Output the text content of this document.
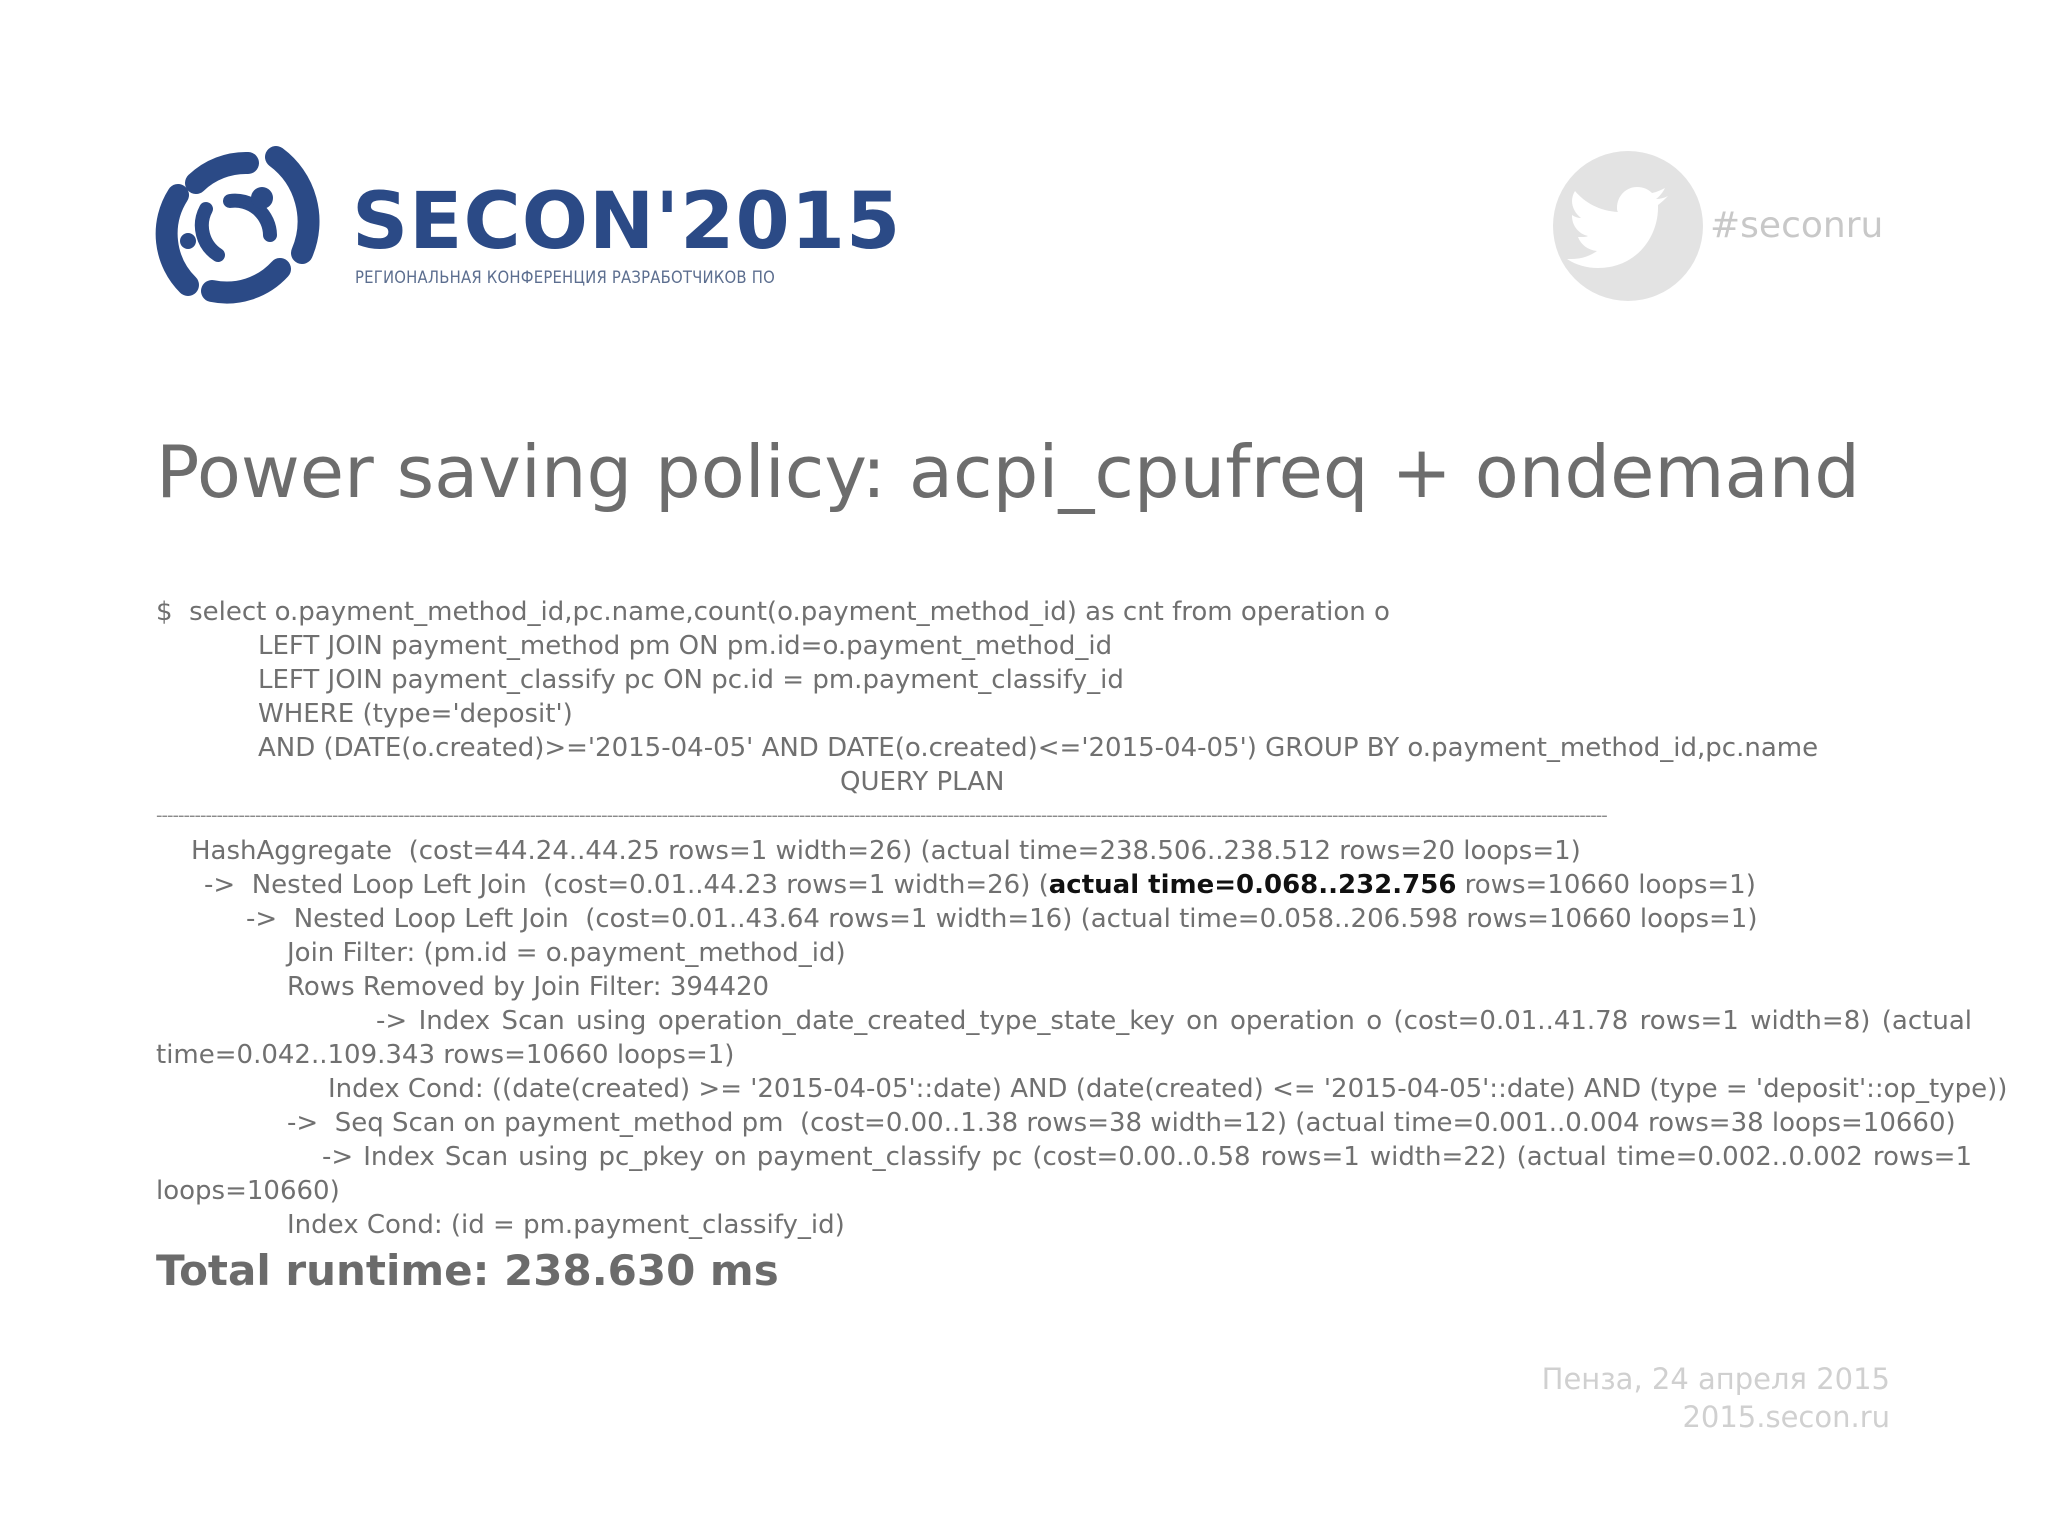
SECON'2015
РЕГИОНАЛЬНАЯ КОНФЕРЕНЦИЯ РАЗРАБОТЧИКОВ ПО
#seconru
Power saving policy: acpi_cpufreq + ondemand
$  select o.payment_method_id,pc.name,count(o.payment_method_id) as cnt from operation o
LEFT JOIN payment_method pm ON pm.id=o.payment_method_id
LEFT JOIN payment_classify pc ON pc.id = pm.payment_classify_id
WHERE (type='deposit')
AND (DATE(o.created)>='2015-04-05' AND DATE(o.created)<='2015-04-05') GROUP BY o.payment_method_id,pc.name
QUERY PLAN
------------------------------------------------------------------------------------------------------------------------------------------------------------------------------------------------------------------------------------------------------------------------
HashAggregate  (cost=44.24..44.25 rows=1 width=26) (actual time=238.506..238.512 rows=20 loops=1)
->  Nested Loop Left Join  (cost=0.01..44.23 rows=1 width=26) (actual time=0.068..232.756 rows=10660 loops=1)
->  Nested Loop Left Join  (cost=0.01..43.64 rows=1 width=16) (actual time=0.058..206.598 rows=10660 loops=1)
Join Filter: (pm.id = o.payment_method_id)
Rows Removed by Join Filter: 394420
-> Index Scan using operation_date_created_type_state_key on operation o (cost=0.01..41.78 rows=1 width=8) (actual time=0.042..109.343 rows=10660 loops=1)
Index Cond: ((date(created) >= '2015-04-05'::date) AND (date(created) <= '2015-04-05'::date) AND (type = 'deposit'::op_type))
->  Seq Scan on payment_method pm  (cost=0.00..1.38 rows=38 width=12) (actual time=0.001..0.004 rows=38 loops=10660)
-> Index Scan using pc_pkey on payment_classify pc (cost=0.00..0.58 rows=1 width=22) (actual time=0.002..0.002 rows=1 loops=10660)
Index Cond: (id = pm.payment_classify_id)
Total runtime: 238.630 ms
Пенза, 24 апреля 2015
2015.secon.ru
